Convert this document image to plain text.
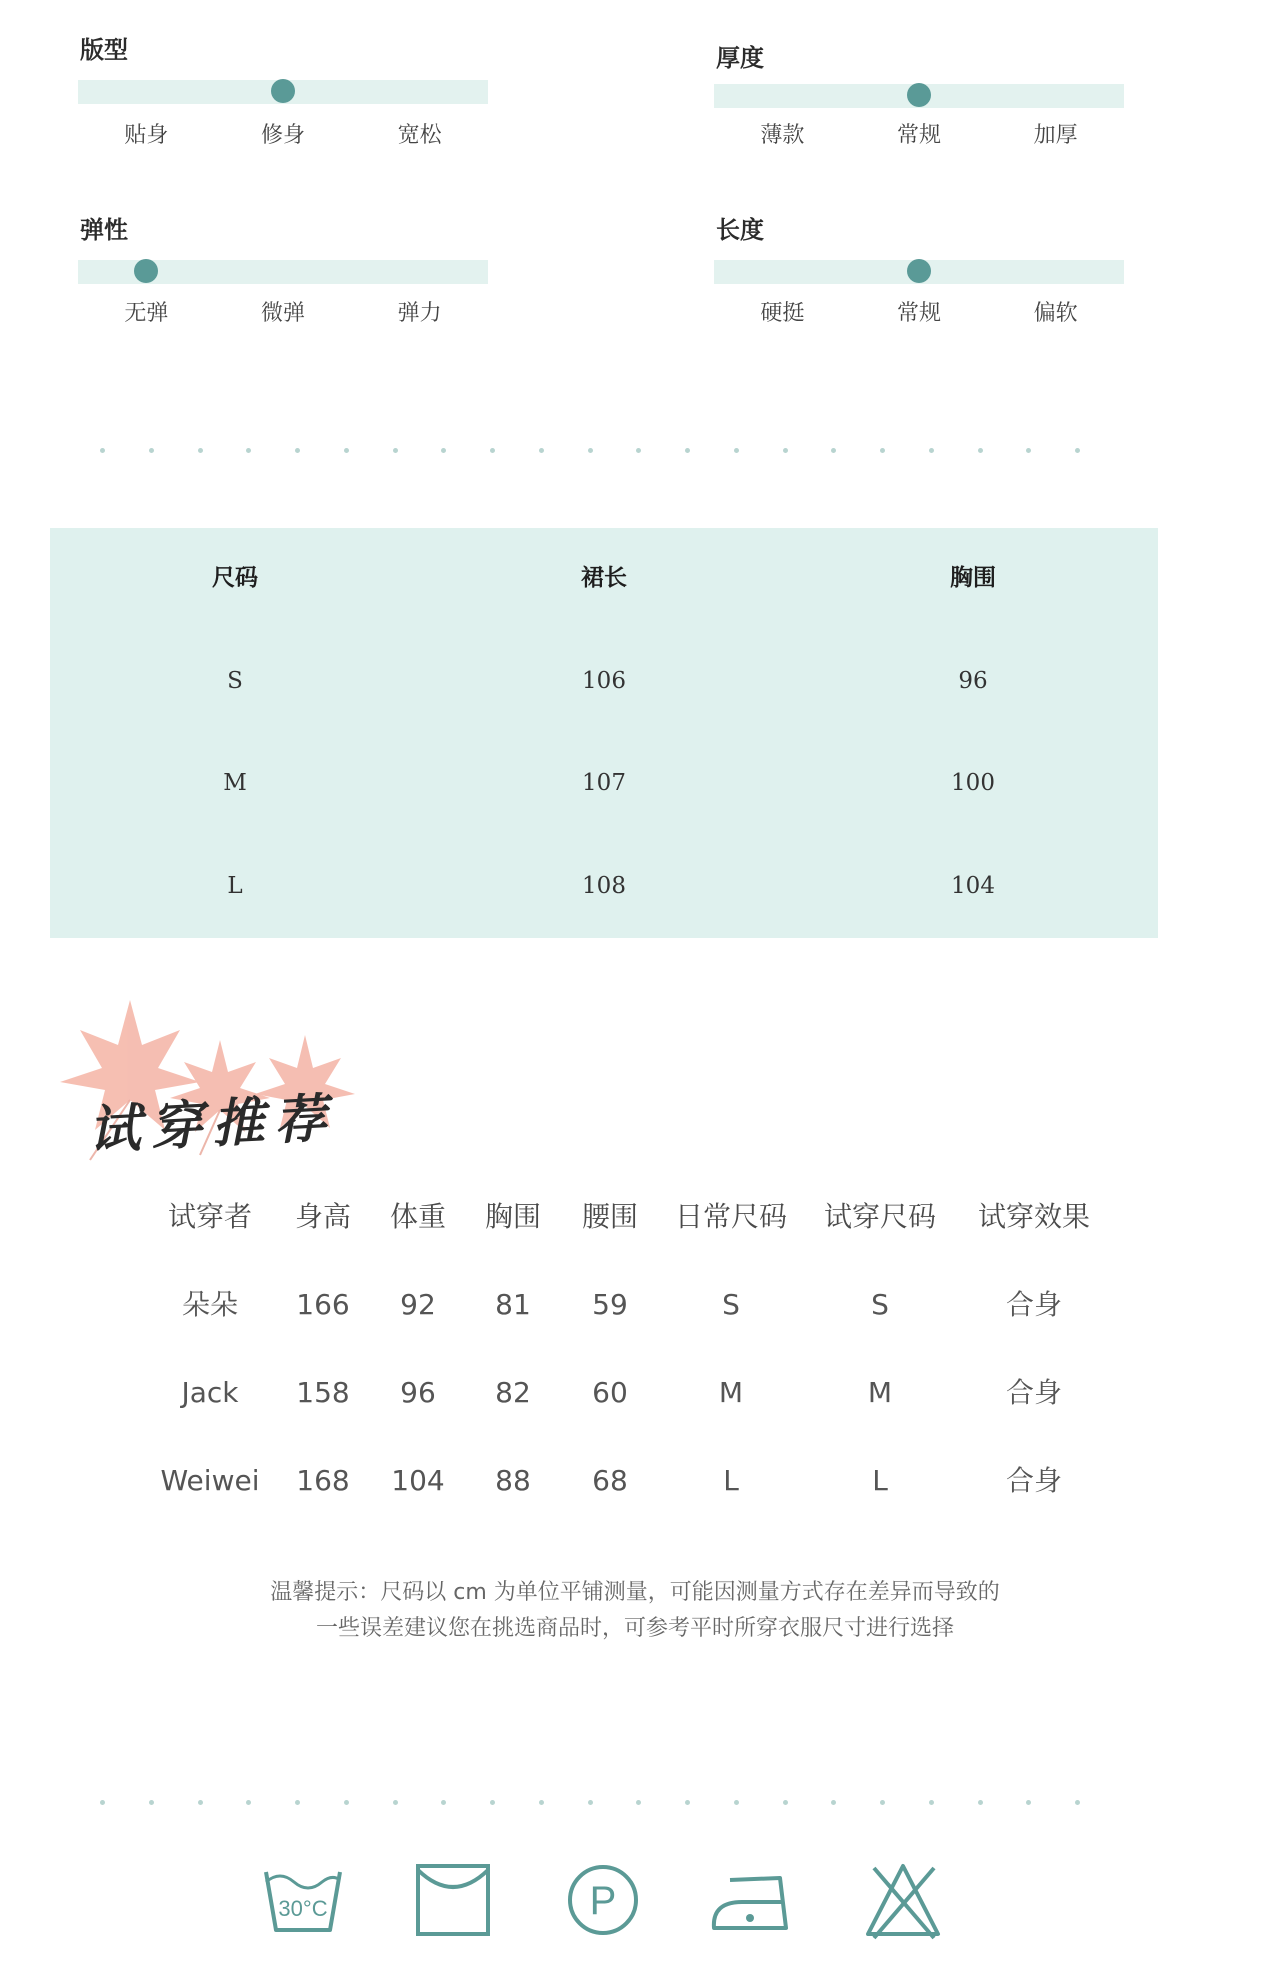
版型
贴身	修身	宽松
厚度
薄款	常规	加厚
弹性
无弹	微弹	弹力
长度
硬挺	常规	偏软
尺码	裙长	胸围
S	106	96
M	107	100
L	108	104
试穿推荐
试穿者	身高	体重	胸围	腰围	日常尺码	试穿尺码	试穿效果
朵朵	166	92	81	59	S	S	合身
Jack	158	96	82	60	M	M	合身
Weiwei	168	104	88	68	L	L	合身
温馨提示：尺码以 cm 为单位平铺测量，可能因测量方式存在差异而导致的
一些误差建议您在挑选商品时，可参考平时所穿衣服尺寸进行选择
30°C	P
